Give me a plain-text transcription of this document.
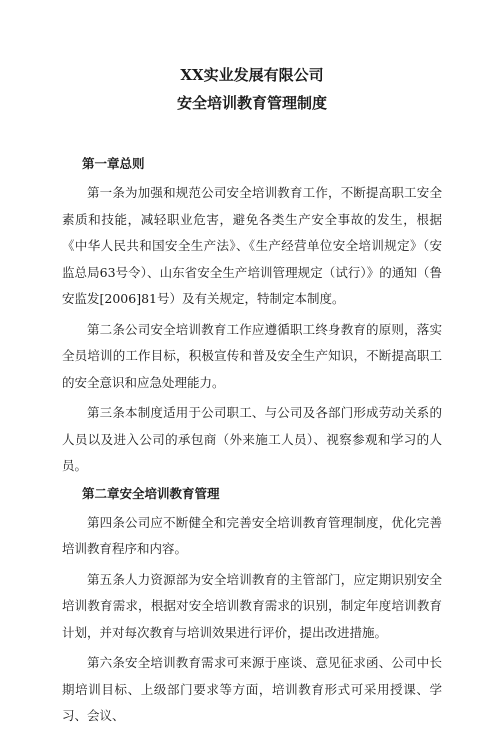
XX实业发展有限公司
安全培训教育管理制度
第一章总则

第一条为加强和规范公司安全培训教育工作，不断提高职工安全素质和技能，减轻职业危害，避免各类生产安全事故的发生，根据《中华人民共和国安全生产法》、《生产经营单位安全培训规定》（安监总局63号令）、山东省安全生产培训管理规定（试行）》的通知（鲁安监发[2006]81号）及有关规定，特制定本制度。

第二条公司安全培训教育工作应遵循职工终身教育的原则，落实全员培训的工作目标，积极宣传和普及安全生产知识，不断提高职工的安全意识和应急处理能力。

第三条本制度适用于公司职工、与公司及各部门形成劳动关系的人员以及进入公司的承包商（外来施工人员）、视察参观和学习的人员。

第二章安全培训教育管理

第四条公司应不断健全和完善安全培训教育管理制度，优化完善培训教育程序和内容。

第五条人力资源部为安全培训教育的主管部门，应定期识别安全培训教育需求，根据对安全培训教育需求的识别，制定年度培训教育计划，并对每次教育与培训效果进行评价，提出改进措施。

第六条安全培训教育需求可来源于座谈、意见征求函、公司中长期培训目标、上级部门要求等方面，培训教育形式可采用授课、学习、会议、
